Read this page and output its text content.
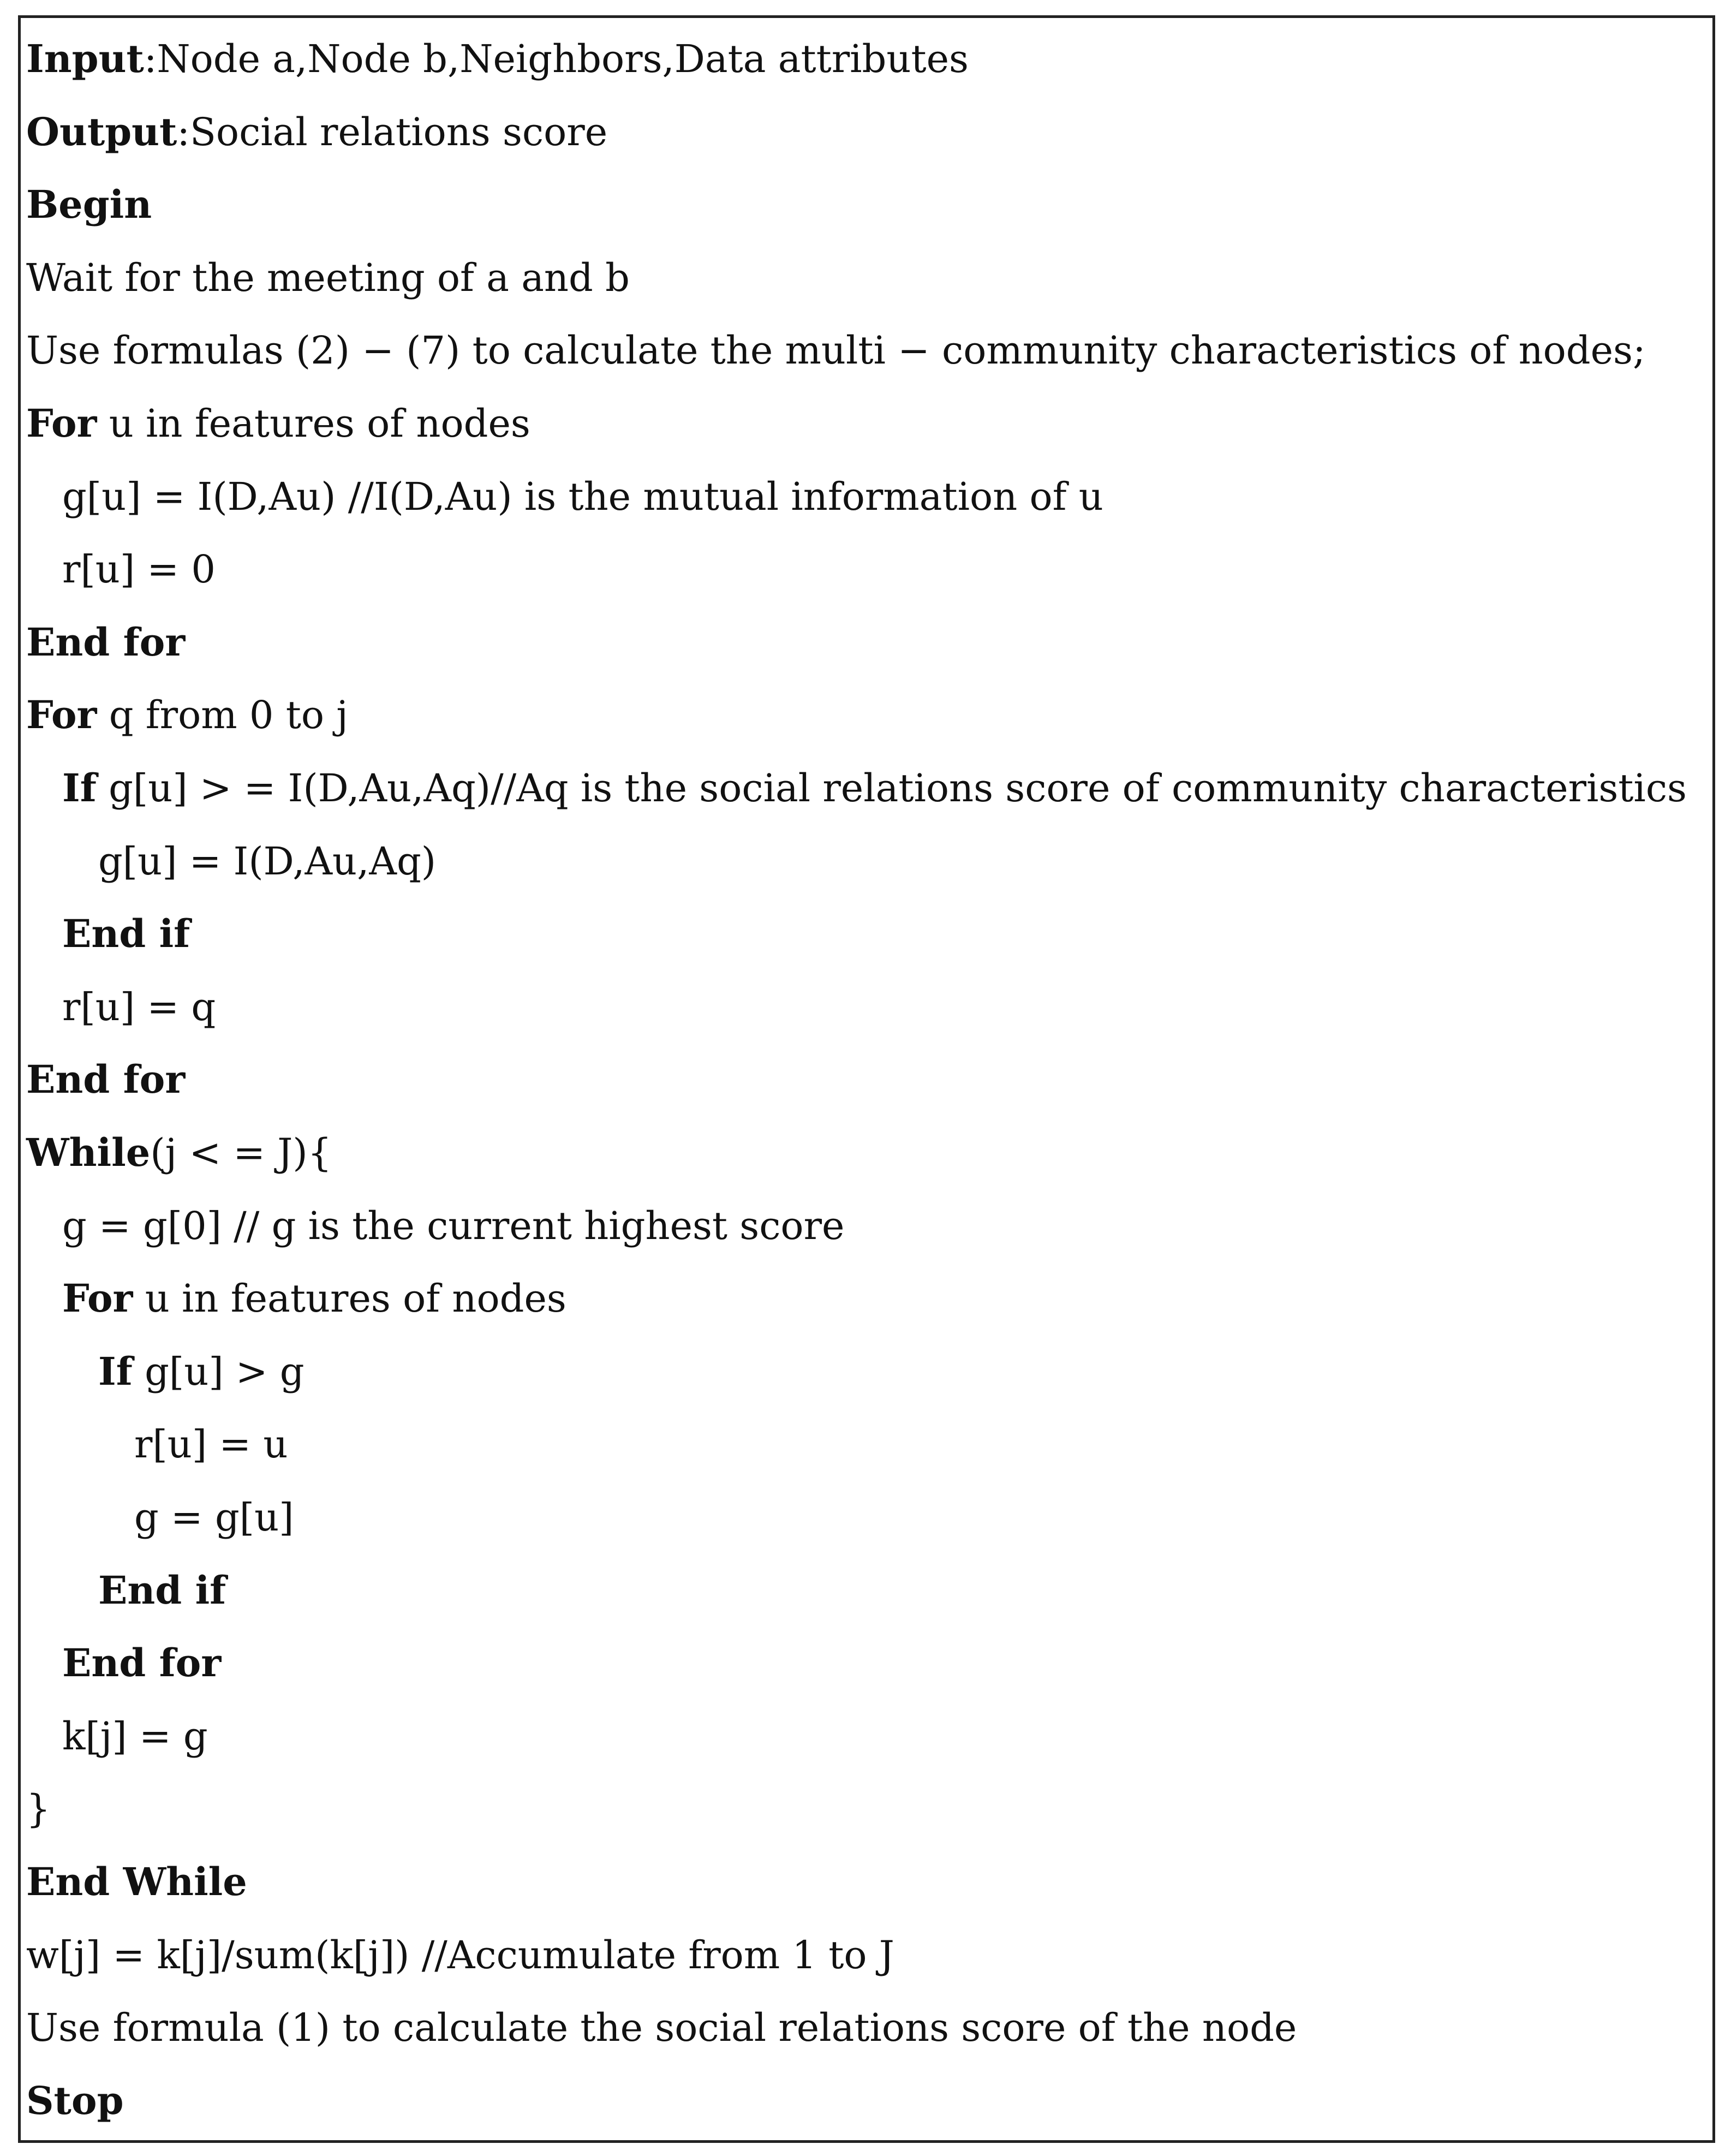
Input:Node a,Node b,Neighbors,Data attributes
Output:Social relations score
Begin
Wait for the meeting of a and b
Use formulas (2) − (7) to calculate the multi − community characteristics of nodes;
For u in features of nodes
g[u] = I(D,Au) //I(D,Au) is the mutual information of u
r[u] = 0
End for
For q from 0 to j
If g[u] > = I(D,Au,Aq)//Aq is the social relations score of community characteristics
g[u] = I(D,Au,Aq)
End if
r[u] = q
End for
While(j < = J){
g = g[0] // g is the current highest score
For u in features of nodes
If g[u] > g
r[u] = u
g = g[u]
End if
End for
k[j] = g
}
End While
w[j] = k[j]/sum(k[j]) //Accumulate from 1 to J
Use formula (1) to calculate the social relations score of the node
Stop
